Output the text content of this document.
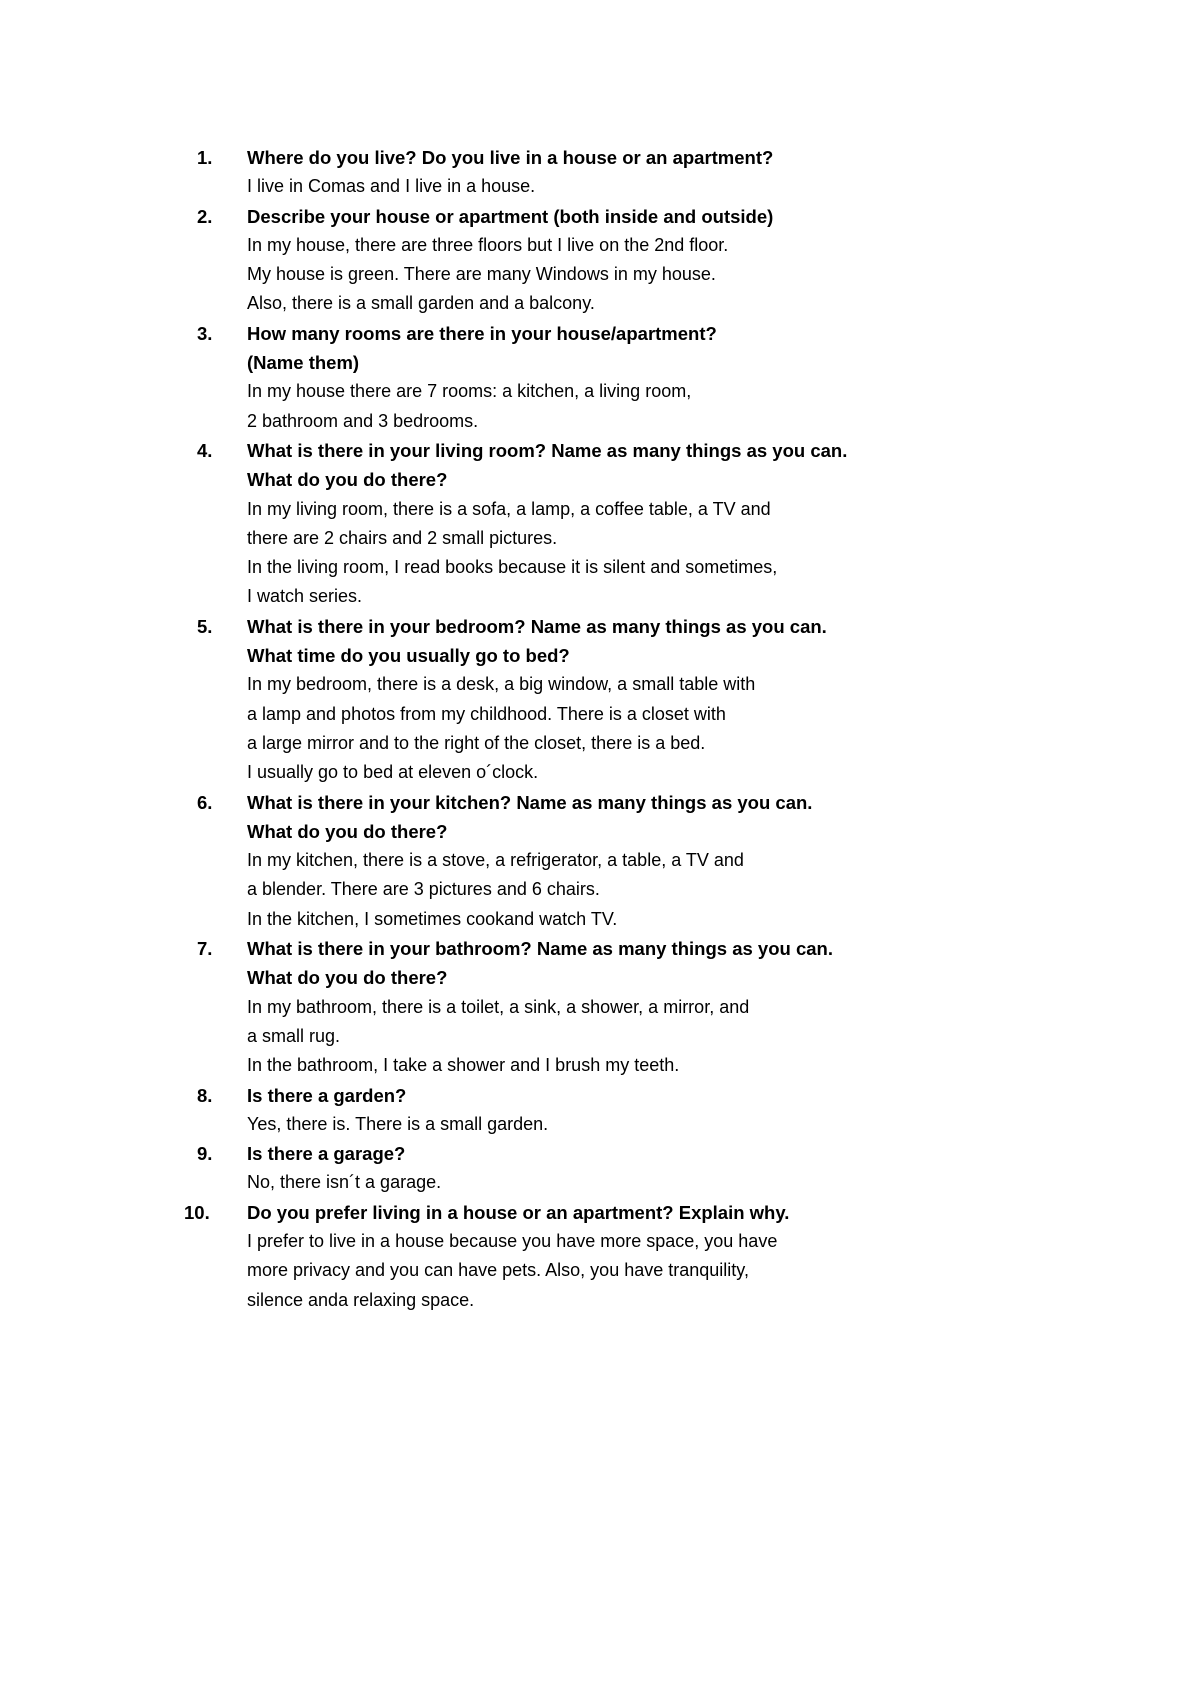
1.	Where do you live? Do you live in a house or an apartment?
I live in Comas and I live in a house.
2.	Describe your house or apartment (both inside and outside)
In my house, there are three floors but I live on the 2nd floor.
My house is green. There are many Windows in my house.
Also, there is a small garden and a balcony.
3.	How many rooms are there in your house/apartment?
(Name them)
In my house there are 7 rooms: a kitchen, a living room,
2 bathroom and 3 bedrooms.
4.	What is there in your living room? Name as many things as you can.
What do you do there?
In my living room, there is a sofa, a lamp, a coffee table, a TV and
there are 2 chairs and 2 small pictures.
In the living room, I read books because it is silent and sometimes,
I watch series.
5.	What is there in your bedroom? Name as many things as you can.
What time do you usually go to bed?
In my bedroom, there is a desk, a big window, a small table with
a lamp and photos from my childhood. There is a closet with
a large mirror and to the right of the closet, there is a bed.
I usually go to bed at eleven o´clock.
6.	What is there in your kitchen? Name as many things as you can.
What do you do there?
In my kitchen, there is a stove, a refrigerator, a table, a TV and
a blender. There are 3 pictures and 6 chairs.
In the kitchen, I sometimes cookand watch TV.
7.	What is there in your bathroom? Name as many things as you can.
What do you do there?
In my bathroom, there is a toilet, a sink, a shower, a mirror, and
a small rug.
In the bathroom, I take a shower and I brush my teeth.
8.	Is there a garden?
Yes, there is. There is a small garden.
9.	Is there a garage?
No, there isn´t a garage.
10.	Do you prefer living in a house or an apartment? Explain why.
I prefer to live in a house because you have more space, you have
more privacy and you can have pets. Also, you have tranquility,
silence anda relaxing space.
